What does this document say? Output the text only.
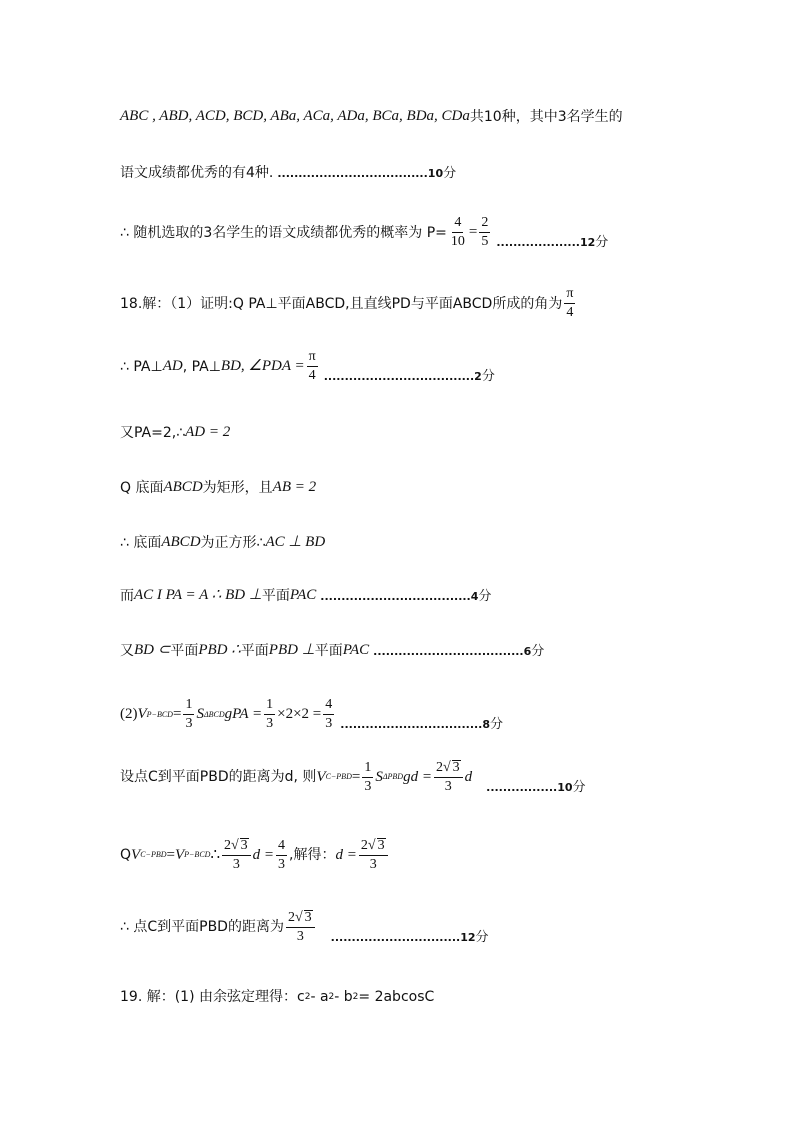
ABC , ABD, ACD, BCD, ABa, ACa, ADa, BCa, BDa, CDa 共10种，其中3名学生的
语文成绩都优秀的有4种. ....................................10分
∴ 随机选取的3名学生的语文成绩都优秀的概率为 $P= \frac{4}{10} = \frac{2}{5} ....................12$分
18.解：（1）证明:Q PA⊥平面ABCD,且直线PD与平面ABCD所成的角为
π
4
∴ PA⊥ AD , PA⊥ BD , ∠PDA = $\frac{\pi}{4} ....................................2$分
又PA=2,∴ AD = 2
Q 底面 ABCD 为矩形，且 AB = 2
∴ 底面 ABCD 为正方形∴ AC ⊥ BD
而 AC I PA = A ∴ BD ⊥ 平面 PAC ....................................4分
又 BD ⊂ 平面 PBD ∴ 平面 PBD ⊥ 平面 PAC ....................................6分
(2) V $P-BCD = \frac{1}{3}$ S ΔBCD g PA = $\frac{1}{3} \times 2\times 2 = \frac{4}{3} ..................................8$分
设点C到平面PBD的距离为d, 则 V $C-PBD = \frac{1}{3}$ S ΔPBD gd = $\frac{2√ 3}{3}$ d
.................10分
Q V C−PBD = V P−BCD ∴
2√ 3
3
$d = \frac{4}{3}$ ,解得： $d = \frac{2√ 3}{3}$
∴ 点C到平面PBD的距离为
2√ 3
3 ...............................12分
19. 解：(1) 由余弦定理得：c 2 - a 2 - b 2 = 2abcosC
